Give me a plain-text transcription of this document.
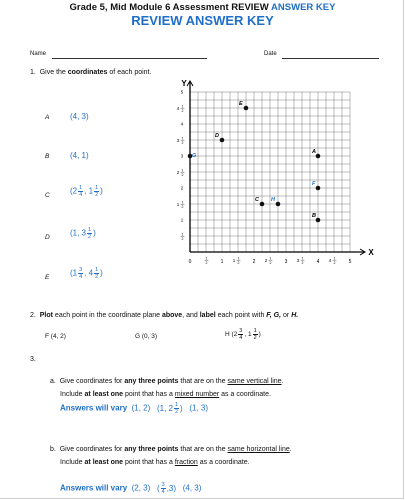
Grade 5, Mid Module 6 Assessment REVIEW ANSWER KEY
REVIEW ANSWER KEY
Name	Date
1. Give the coordinates of each point.
A	(4, 3)
B	(4, 1)
C	($2 \frac{1}{4}$ , $1 \frac{1}{2}$ )
D	(1, $3 \frac{1}{2}$ )
E	($1 \frac{3}{4}$ , $4 \frac{1}{2}$ )
Y
X
1
2
1
1 1
2
2
2 1
2
3
3 1
2
4
4 1
2
5
0
1
2	1 1 1
2	2 2 1
2	3 3 1
2	4 4 1
2	5
A
B
C
D
E
F
G
H
2. Plot each point in the coordinate plane above, and label each point with F, G, or H.
F (4, 2)	G (0, 3)	H ($2 \frac{3}{4}$ , $1 \frac{1}{2}$ )
3.
a. Give coordinates for any three points that are on the same vertical line.
Include at least one point that has a mixed number as a coordinate.
Answers will vary (1, 2) (1, $2 \frac{1}{2}$ ) (1, 3)
b. Give coordinates for any three points that are on the same horizontal line.
Include at least one point that has a fraction as a coordinate.
Answers will vary (2, 3) ( $\frac{3}{4} ,3$) (4, 3)
